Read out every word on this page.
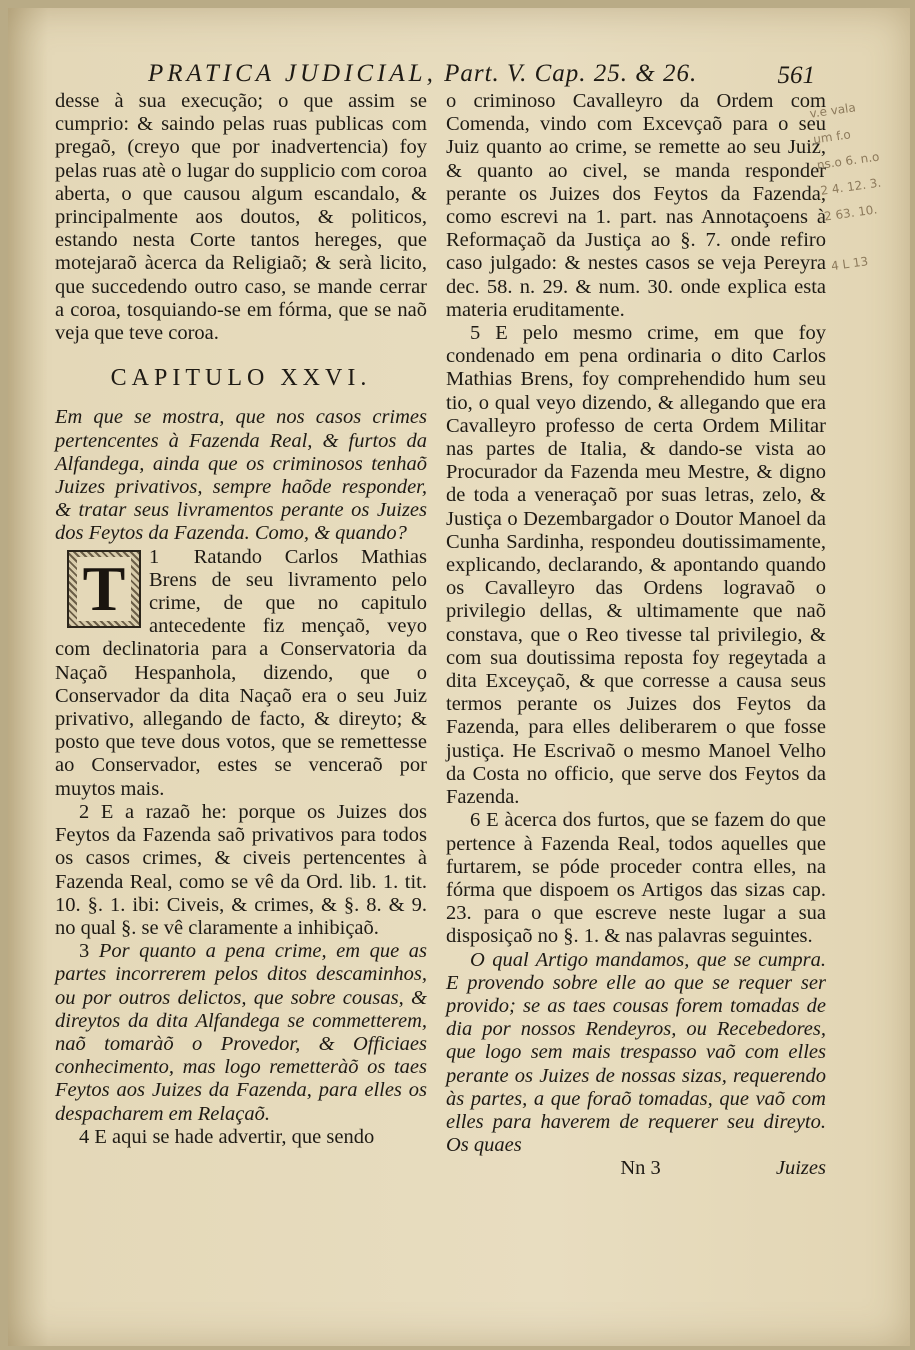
PRATICA JUDICIAL, Part. V. Cap. 25. & 26.	561

desse à sua execução; o que assim se cumprio: & saindo pelas ruas publicas com pregaõ, (creyo que por inadvertencia) foy pelas ruas atè o lugar do supplicio com coroa aberta, o que causou algum escandalo, & principalmente aos doutos, & politicos, estando nesta Corte tantos hereges, que motejaraõ àcerca da Religiaõ; & serà licito, que succedendo outro caso, se mande cerrar a coroa, tosquiando-se em fórma, que se naõ veja que teve coroa.

CAPITULO XXVI.

Em que se mostra, que nos casos crimes pertencentes à Fazenda Real, & furtos da Alfandega, ainda que os criminosos tenhaõ Juizes privativos, sempre haõde responder, & tratar seus livramentos perante os Juizes dos Feytos da Fazenda. Como, & quando?

1
T	Ratando Carlos Mathias Brens de seu livramento pelo crime, de que no capitulo antecedente fiz mençaõ, veyo com declinatoria para a Conservatoria da Naçaõ Hespanhola, dizendo, que o Conservador da dita Naçaõ era o seu Juiz privativo, allegando de facto, & direyto; & posto que teve dous votos, que se remettesse ao Conservador, estes se venceraõ por muytos mais.

2 E a razaõ he: porque os Juizes dos Feytos da Fazenda saõ privativos para todos os casos crimes, & civeis pertencentes à Fazenda Real, como se vê da Ord. lib. 1. tit. 10. §. 1. ibi: Civeis, & crimes, & §. 8. & 9. no qual §. se vê claramente a inhibiçaõ.

3 Por quanto a pena crime, em que as partes incorrerem pelos ditos descaminhos, ou por outros delictos, que sobre cousas, & direytos da dita Alfandega se commetterem, naõ tomaràõ o Provedor, & Officiaes conhecimento, mas logo remetteràõ os taes Feytos aos Juizes da Fazenda, para elles os despacharem em Relaçaõ.

4 E aqui se hade advertir, que sendo

o criminoso Cavalleyro da Ordem com Comenda, vindo com Excevçaõ para o seu Juiz quanto ao crime, se remette ao seu Juiz, & quanto ao civel, se manda responder perante os Juizes dos Feytos da Fazenda, como escrevi na 1. part. nas Annotaçoens à Reformaçaõ da Justiça ao §. 7. onde refiro caso julgado: & nestes casos se veja Pereyra dec. 58. n. 29. & num. 30. onde explica esta materia eruditamente.

5 E pelo mesmo crime, em que foy condenado em pena ordinaria o dito Carlos Mathias Brens, foy comprehendido hum seu tio, o qual veyo dizendo, & allegando que era Cavalleyro professo de certa Ordem Militar nas partes de Italia, & dando-se vista ao Procurador da Fazenda meu Mestre, & digno de toda a veneraçaõ por suas letras, zelo, & Justiça o Dezembargador o Doutor Manoel da Cunha Sardinha, respondeu doutissimamente, explicando, declarando, & apontando quando os Cavalleyro das Ordens logravaõ o privilegio dellas, & ultimamente que naõ constava, que o Reo tivesse tal privilegio, & com sua doutissima reposta foy regeytada a dita Exceyçaõ, & que corresse a causa seus termos perante os Juizes dos Feytos da Fazenda, para elles deliberarem o que fosse justiça. He Escrivaõ o mesmo Manoel Velho da Costa no officio, que serve dos Feytos da Fazenda.

6 E àcerca dos furtos, que se fazem do que pertence à Fazenda Real, todos aquelles que furtarem, se póde proceder contra elles, na fórma que dispoem os Artigos das sizas cap. 23. para o que escreve neste lugar a sua disposiçaõ no §. 1. & nas palavras seguintes.

O qual Artigo mandamos, que se cumpra. E provendo sobre elle ao que se requer ser provido; se as taes cousas forem tomadas de dia por nossos Rendeyros, ou Recebedores, que logo sem mais trespasso vaõ com elles perante os Juizes de nossas sizas, requerendo às partes, a que foraõ tomadas, que vaõ com elles para haverem de requerer seu direyto. Os quaes

Nn 3	Juizes

v.e vala
um f.o
ns.o 6. n.o
2 4. 12. 3.
2 63. 10.
4 L 13
